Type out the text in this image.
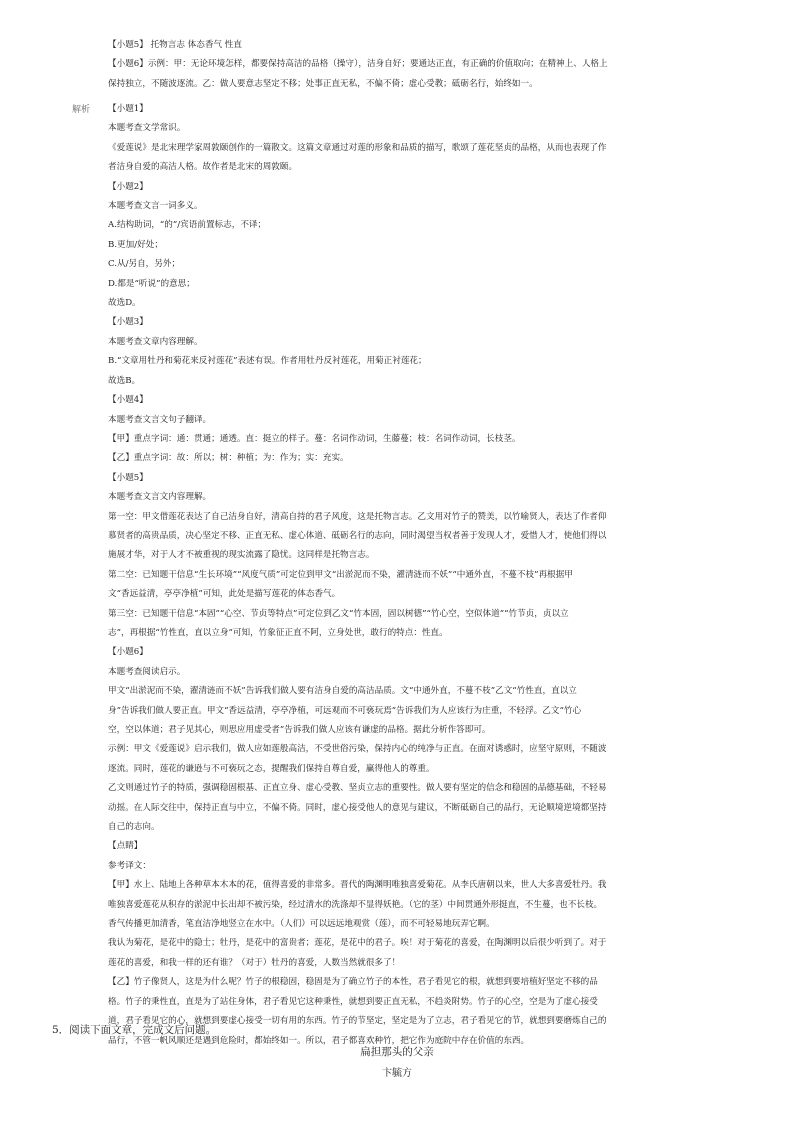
【小题5】 托物言志 体态香气 性直

【小题6】示例：甲：无论环境怎样，都要保持高洁的品格（操守），洁身自好；要通达正直，有正确的价值取向；在精神上、人格上

保持独立，不随波逐流。乙：做人要意志坚定不移；处事正直无私，不偏不倚；虚心受教；砥砺名行，始终如一。

解析 【小题1】

本题考查文学常识。

《爱莲说》是北宋理学家周敦颐创作的一篇散文。这篇文章通过对莲的形象和品质的描写，歌颂了莲花坚贞的品格，从而也表现了作

者洁身自爱的高洁人格。故作者是北宋的周敦颐。

【小题2】

本题考查文言一词多义。

A.结构助词，“的”/宾语前置标志，不译；

B.更加/好处；

C.从/另自，另外；

D.都是“听说”的意思；

故选D。

【小题3】

本题考查文章内容理解。

B.“文章用牡丹和菊花来反衬莲花”表述有误。作者用牡丹反衬莲花，用菊正衬莲花；

故选B。

【小题4】

本题考查文言文句子翻译。

【甲】重点字词：通：贯通；通透。直：挺立的样子。蔓：名词作动词，生藤蔓；枝：名词作动词，长枝茎。

【乙】重点字词：故：所以；树：种植；为：作为；实：充实。

【小题5】

本题考查文言文内容理解。

第一空：甲文借莲花表达了自己洁身自好，清高自持的君子风度，这是托物言志。乙文用对竹子的赞美，以竹喻贤人，表达了作者仰

慕贤者的高贵品质，决心坚定不移、正直无私、虚心体道、砥砺名行的志向，同时渴望当权者善于发现人才，爱惜人才，使他们得以

施展才华，对于人才不被重视的现实流露了隐忧。这同样是托物言志。

第二空：已知题干信息“生长环境”“风度气质”可定位到甲文“出淤泥而不染，濯清涟而不妖”“中通外直，不蔓不枝”再根据甲

文“香远益清，亭亭净植”可知，此处是描写莲花的体态香气。

第三空：已知题干信息“本固”“心空、节贞等特点”可定位到乙文“竹本固，固以树德”“竹心空，空似体道”“竹节贞，贞以立

志”，再根据“竹性直，直以立身”可知，竹象征正直不阿，立身处世，敢行的特点：性直。

【小题6】

本题考查阅读启示。

甲文“出淤泥而不染，濯清涟而不妖”告诉我们做人要有洁身自爱的高洁品质。文“中通外直，不蔓不枝”乙文“竹性直，直以立

身”告诉我们做人要正直。甲文“香远益清，亭亭净植，可远观而不可亵玩焉”告诉我们为人应该行为庄重，不轻浮。乙文“竹心

空，空以体道；君子见其心，则思应用虚受者”告诉我们做人应该有谦虚的品格。据此分析作答即可。

示例：甲文《爱莲说》启示我们，做人应如莲般高洁，不受世俗污染，保持内心的纯净与正直。在面对诱惑时，应坚守原则，不随波

逐流。同时，莲花的谦逊与不可亵玩之态，提醒我们保持自尊自爱，赢得他人的尊重。

乙文则通过竹子的特质，强调稳固根基、正直立身、虚心受教、坚贞立志的重要性。做人要有坚定的信念和稳固的品德基础，不轻易

动摇。在人际交往中，保持正直与中立，不偏不倚。同时，虚心接受他人的意见与建议，不断砥砺自己的品行，无论顺境逆境都坚持

自己的志向。

【点睛】

参考译文：

【甲】水上、陆地上各种草本木本的花，值得喜爱的非常多。晋代的陶渊明唯独喜爱菊花。从李氏唐朝以来，世人大多喜爱牡丹。我

唯独喜爱莲花从积存的淤泥中长出却不被污染，经过清水的洗涤却不显得妖艳。（它的茎）中间贯通外形挺直，不生蔓，也不长枝。

香气传播更加清香，笔直洁净地竖立在水中。（人们）可以远远地观赏（莲），而不可轻易地玩弄它啊。

我认为菊花，是花中的隐士；牡丹，是花中的富贵者；莲花，是花中的君子。唉！对于菊花的喜爱，在陶渊明以后很少听到了。对于

莲花的喜爱，和我一样的还有谁？（对于）牡丹的喜爱，人数当然就很多了！

【乙】竹子像贤人，这是为什么呢？竹子的根稳固，稳固是为了确立竹子的本性，君子看见它的根，就想到要培植好坚定不移的品

格。竹子的秉性直，直是为了站住身体，君子看见它这种秉性，就想到要正直无私，不趋炎附势。竹子的心空，空是为了虚心接受

道，君子看见它的心，就想到要虚心接受一切有用的东西。竹子的节坚定，坚定是为了立志，君子看见它的节，就想到要磨炼自己的

品行，不管一帆风顺还是遇到危险时，都始终如一。所以，君子都喜欢种竹，把它作为庭院中存在价值的东西。

5．阅读下面文章，完成文后问题。
扁担那头的父亲
卞毓方
